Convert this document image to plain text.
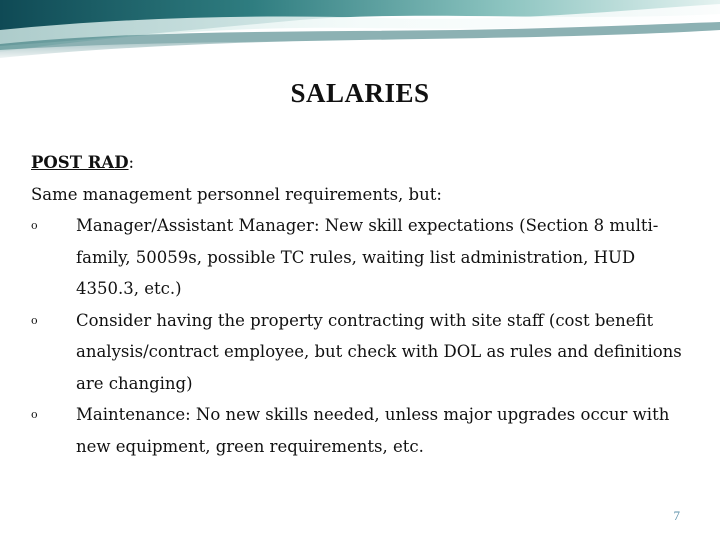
SALARIES

POST RAD:

Same management personnel requirements, but:

o	Manager/Assistant Manager: New skill expectations (Section 8 multi-family, 50059s, possible TC rules, waiting list administration, HUD 4350.3, etc.)
o	Consider having the property contracting with site staff (cost benefit analysis/contract employee, but check with DOL as rules and definitions are changing)
o	Maintenance: No new skills needed, unless major upgrades occur with new equipment, green requirements, etc.
7
